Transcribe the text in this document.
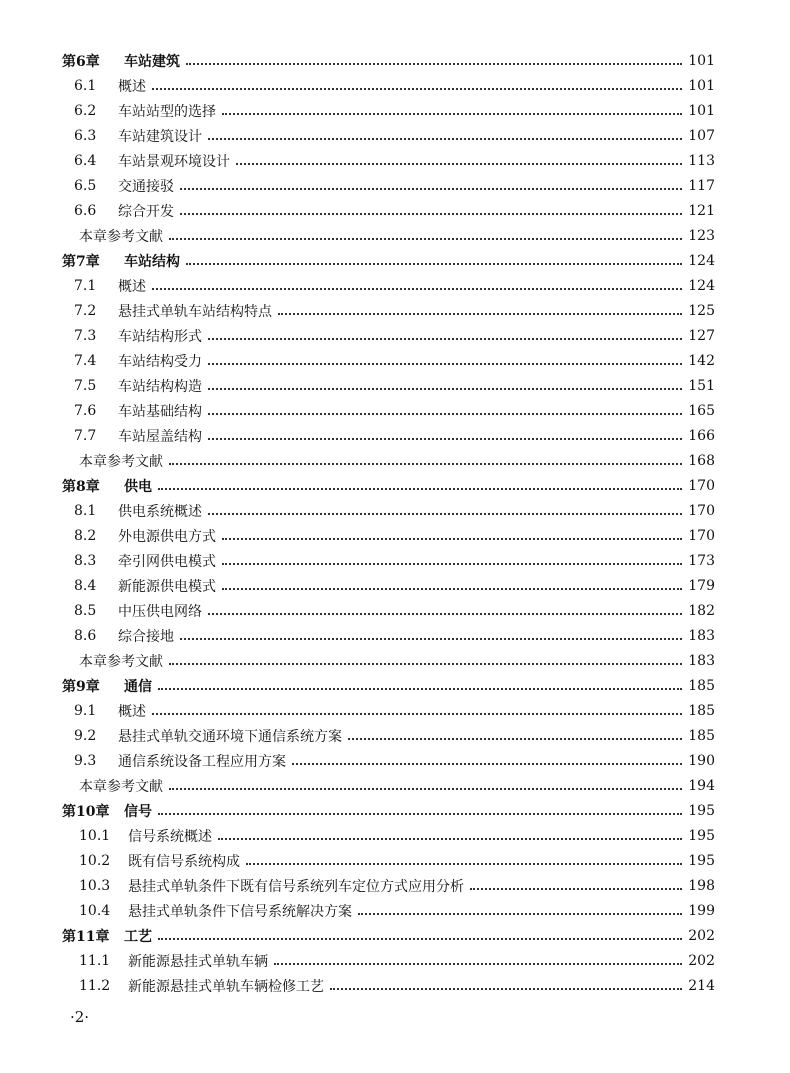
第6章	车站建筑	101
6.1	概述	101
6.2	车站站型的选择	101
6.3	车站建筑设计	107
6.4	车站景观环境设计	113
6.5	交通接驳	117
6.6	综合开发	121
本章参考文献	123
第7章	车站结构	124
7.1	概述	124
7.2	悬挂式单轨车站结构特点	125
7.3	车站结构形式	127
7.4	车站结构受力	142
7.5	车站结构构造	151
7.6	车站基础结构	165
7.7	车站屋盖结构	166
本章参考文献	168
第8章	供电	170
8.1	供电系统概述	170
8.2	外电源供电方式	170
8.3	牵引网供电模式	173
8.4	新能源供电模式	179
8.5	中压供电网络	182
8.6	综合接地	183
本章参考文献	183
第9章	通信	185
9.1	概述	185
9.2	悬挂式单轨交通环境下通信系统方案	185
9.3	通信系统设备工程应用方案	190
本章参考文献	194
第10章	信号	195
10.1	信号系统概述	195
10.2	既有信号系统构成	195
10.3	悬挂式单轨条件下既有信号系统列车定位方式应用分析	198
10.4	悬挂式单轨条件下信号系统解决方案	199
第11章	工艺	202
11.1	新能源悬挂式单轨车辆	202
11.2	新能源悬挂式单轨车辆检修工艺	214
·2·
